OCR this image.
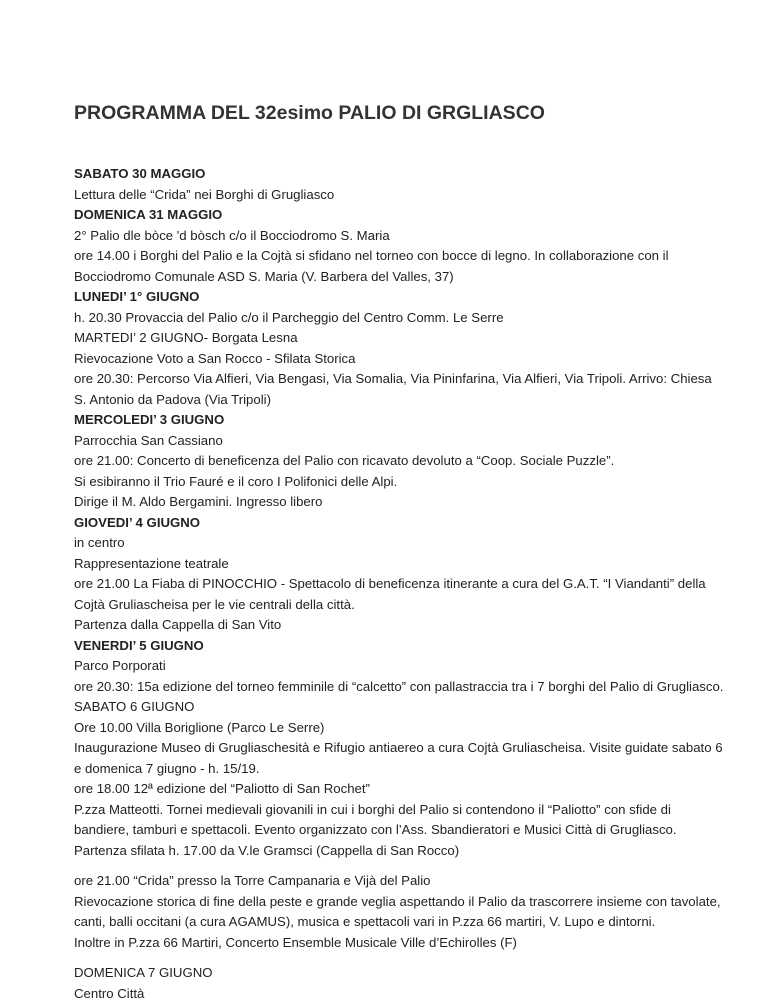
PROGRAMMA DEL 32esimo PALIO DI GRGLIASCO
SABATO 30 MAGGIO
Lettura delle “Crida” nei Borghi di Grugliasco
DOMENICA 31 MAGGIO
2° Palio dle bòce 'd bòsch c/o il Bocciodromo S. Maria
ore 14.00 i Borghi del Palio e la Cojtà si sfidano nel torneo con bocce di legno. In collaborazione con il
Bocciodromo Comunale ASD S. Maria (V. Barbera del Valles, 37)
LUNEDI’ 1° GIUGNO
h. 20.30 Provaccia del Palio c/o il Parcheggio del Centro Comm. Le Serre
MARTEDI’ 2 GIUGNO- Borgata Lesna
Rievocazione Voto a San Rocco - Sfilata Storica
ore 20.30: Percorso Via Alfieri, Via Bengasi, Via Somalia, Via Pininfarina, Via Alfieri, Via Tripoli. Arrivo: Chiesa
S. Antonio da Padova (Via Tripoli)
MERCOLEDI’ 3 GIUGNO
Parrocchia San Cassiano
ore 21.00: Concerto di beneficenza del Palio con ricavato devoluto a “Coop. Sociale Puzzle”.
Si esibiranno il Trio Fauré e il coro I Polifonici delle Alpi.
Dirige il M. Aldo Bergamini. Ingresso libero
GIOVEDI’ 4 GIUGNO
in centro
Rappresentazione teatrale
ore 21.00 La Fiaba di PINOCCHIO - Spettacolo di beneficenza itinerante a cura del G.A.T. “I Viandanti” della
Cojtà Gruliascheisa per le vie centrali della città.
Partenza dalla Cappella di San Vito
VENERDI’ 5 GIUGNO
Parco Porporati
ore 20.30: 15a edizione del torneo femminile di “calcetto” con pallastraccia tra i 7 borghi del Palio di Grugliasco.
SABATO 6 GIUGNO
Ore 10.00 Villa Boriglione (Parco Le Serre)
Inaugurazione Museo di Grugliaschesità e Rifugio antiaereo a cura Cojtà Gruliascheisa. Visite guidate sabato 6
e domenica 7 giugno - h. 15/19.
ore 18.00 12ª edizione del “Paliotto di San Rochet”
P.zza Matteotti. Tornei medievali giovanili in cui i borghi del Palio si contendono il “Paliotto” con sfide di
bandiere, tamburi e spettacoli. Evento organizzato con l’Ass. Sbandieratori e Musici Città di Grugliasco.
Partenza sfilata h. 17.00 da V.le Gramsci (Cappella di San Rocco)
ore 21.00 “Crida” presso la Torre Campanaria e Vijà del Palio
Rievocazione storica di fine della peste e grande veglia aspettando il Palio da trascorrere insieme con tavolate,
canti, balli occitani (a cura AGAMUS), musica e spettacoli vari in P.zza 66 martiri, V. Lupo e dintorni.
Inoltre in P.zza 66 Martiri, Concerto Ensemble Musicale Ville d’Echirolles (F)
DOMENICA 7 GIUGNO
Centro Città
